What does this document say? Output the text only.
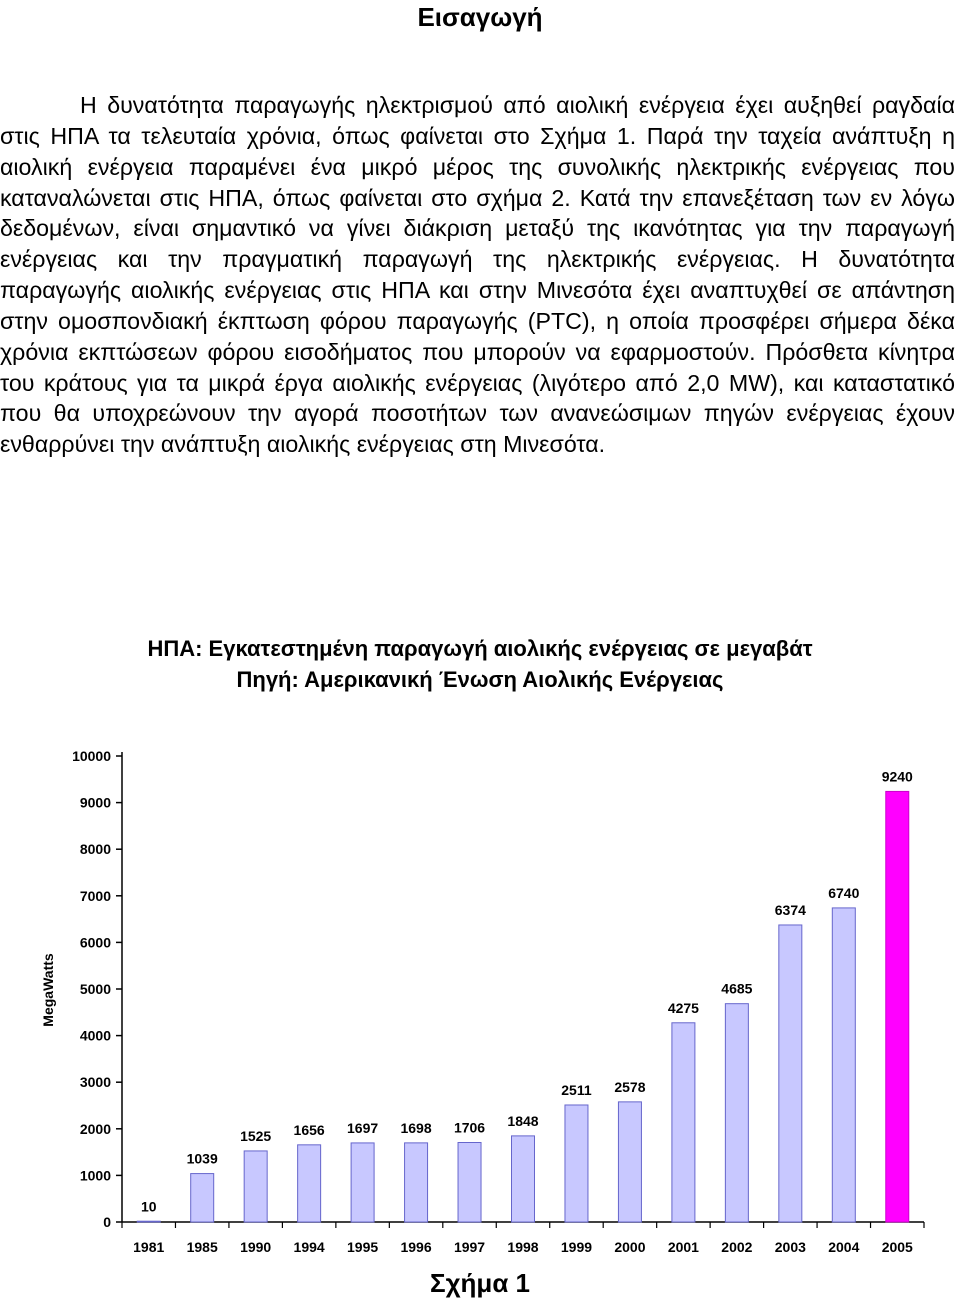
Εισαγωγή

Η δυνατότητα παραγωγής ηλεκτρισμού από αιολική ενέργεια έχει αυξηθεί ραγδαία στις ΗΠΑ τα τελευταία χρόνια, όπως φαίνεται στο Σχήμα 1. Παρά την ταχεία ανάπτυξη η αιολική ενέργεια παραμένει ένα μικρό μέρος της συνολικής ηλεκτρικής ενέργειας που καταναλώνεται στις ΗΠΑ, όπως φαίνεται στο σχήμα 2. Κατά την επανεξέταση των εν λόγω δεδομένων, είναι σημαντικό να γίνει διάκριση μεταξύ της ικανότητας για την παραγωγή ενέργειας και την πραγματική παραγωγή της ηλεκτρικής ενέργειας. Η δυνατότητα παραγωγής αιολικής ενέργειας στις ΗΠΑ και στην Μινεσότα έχει αναπτυχθεί σε απάντηση στην ομοσπονδιακή έκπτωση φόρου παραγωγής (PTC), η οποία προσφέρει σήμερα δέκα χρόνια εκπτώσεων φόρου εισοδήματος που μπορούν να εφαρμοστούν. Πρόσθετα κίνητρα του κράτους για τα μικρά έργα αιολικής ενέργειας (λιγότερο από 2,0 MW), και καταστατικό που θα υποχρεώνουν την αγορά ποσοτήτων των ανανεώσιμων πηγών ενέργειας έχουν ενθαρρύνει την ανάπτυξη αιολικής ενέργειας στη Μινεσότα.

ΗΠΑ: Εγκατεστημένη παραγωγή αιολικής ενέργειας σε μεγαβάτ
Πηγή: Αμερικανική Ένωση Αιολικής Ενέργειας
0
1000
2000
3000
4000
5000
6000
7000
8000
9000
10000
MegaWatts
1981 1985 1990 1994 1995 1996 1997 1998 1999 2000 2001 2002 2003 2004 2005
10
1039
1525 1656 1697 1698 1706 1848
2511 2578
4275
4685
6374
6740
9240
Σχήμα 1
